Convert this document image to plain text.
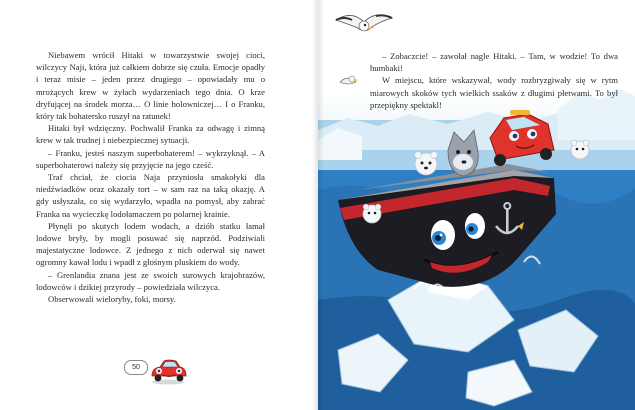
Niebawem wrócił Hitaki w towarzystwie swojej cioci, wilczycy Naji, która już całkiem dobrze się czuła. Emocje opadły i teraz misie – jeden przez drugiego – opowiadały mu o mrożących krew w żyłach wydarzeniach tego dnia. O krze dryfującej na środek morza… O linie holowniczej… I o Franku, który tak bohatersko ruszył na ratunek!

Hitaki był wdzięczny. Pochwalił Franka za odwagę i zimną krew w tak trudnej i niebezpiecznej sytuacji.

– Franku, jesteś naszym superbohaterem! – wykrzyknął. – A superbohaterowi należy się przyjęcie na jego cześć.

Traf chciał, że ciocia Naja przyniosła smakołyki dla niedźwiadków oraz okazały tort – w sam raz na taką okazję. A gdy usłyszała, co się wydarzyło, wpadła na pomysł, aby zabrać Franka na wycieczkę lodołamaczem po polarnej krainie.

Płynęli po skutych lodem wodach, a dziób statku łamał lodowe bryły, by mogli posuwać się naprzód. Podziwiali majestatyczne lodowce. Z jednego z nich oderwał się nawet ogromny kawał lodu i wpadł z głośnym pluskiem do wody.

– Grenlandia znana jest ze swoich surowych krajobrazów, lodowców i dzikiej przyrody – powiedziała wilczyca.

Obserwowali wieloryby, foki, morsy.

50

– Zobaczcie! – zawołał nagle Hitaki. – Tam, w wodzie! To dwa humbaki!

W miejscu, które wskazywał, wody rozbryzgiwały się w rytm miarowych skoków tych wielkich ssaków z długimi płetwami. To był przepiękny spektakl!
